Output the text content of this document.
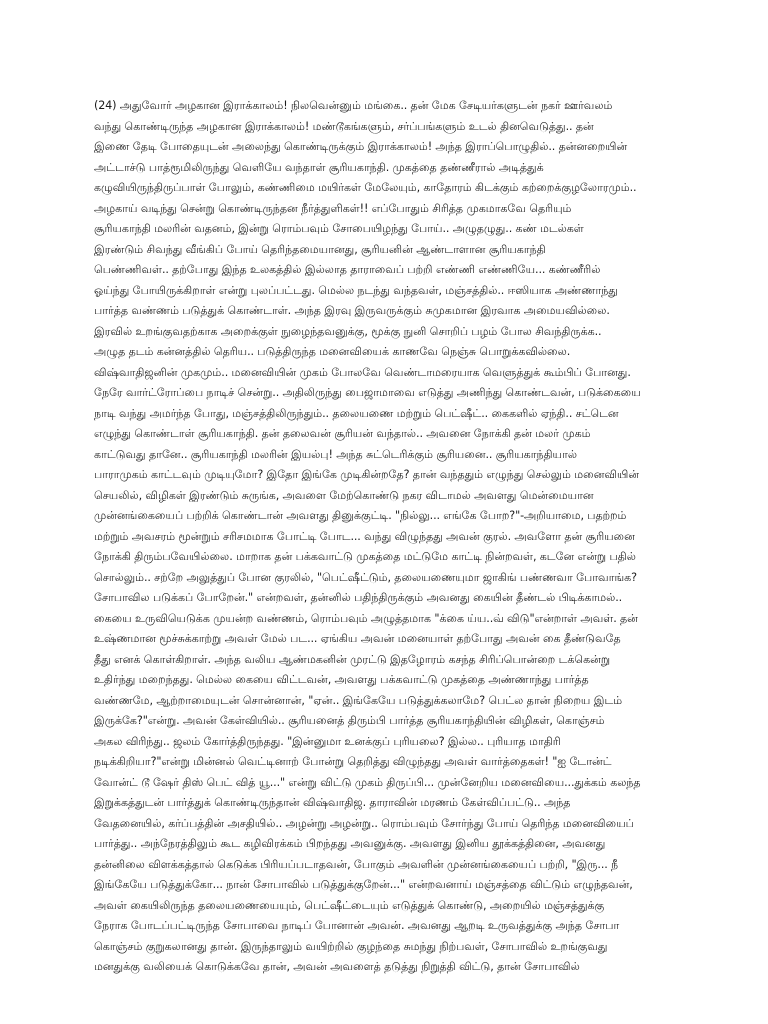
(24) அதுவோர் அழகான இராக்காலம்! நிலவென்னும் மங்கை.. தன் மேக சேடியர்களுடன் நகர் ஊர்வலம்
வந்து கொண்டிருந்த அழகான இராக்காலம்! மண்டூகங்களும், சர்ப்பங்களும் உடல் தினவெடுத்து.. தன்
இணை தேடி போதையுடன் அலைந்து கொண்டிருக்கும் இராக்காலம்! அந்த இராப்பொழுதில்.. தன்னறையின்
அட்டாச்டு பாத்ரூமிலிருந்து வெளியே வந்தாள் சூரியகாந்தி. முகத்தை தண்ணீரால் அடித்துக்
கழுவியிருந்திருப்பாள் போலும், கண்ணிமை மயிர்கள் மேலேயும், காதோரம் கிடக்கும் கற்றைக்குழலோரமும்..
அழகாய் வடிந்து சென்று கொண்டிருந்தன நீர்த்துளிகள்!! எப்போதும் சிரித்த முகமாகவே தெரியும்
சூரியகாந்தி மலரின் வதனம், இன்று ரொம்பவும் சோபையிழந்து போய்.. அழுதழுது.. கண் மடல்கள்
இரண்டும் சிவந்து வீங்கிப் போய் தெரிந்தமையானது, சூரியனின் ஆண்டாளான சூரியகாந்தி
பெண்ணிவள்.. தற்போது இந்த உலகத்தில் இல்லாத தாராவைப் பற்றி எண்ணி எண்ணியே... கண்ணீரில்
ஓய்ந்து போயிருக்கிறாள் என்று புலப்பட்டது. மெல்ல நடந்து வந்தவள், மஞ்சத்தில்.. ஈஸியாக அண்ணாந்து
பார்த்த வண்ணம் படுத்துக் கொண்டாள். அந்த இரவு இருவருக்கும் சுமுகமான இரவாக அமையவில்லை.
இரவில் உறங்குவதற்காக அறைக்குள் நுழைந்தவனுக்கு, மூக்கு நுனி சொறிப் பழம் போல சிவந்திருக்க..
அழுத தடம் கன்னத்தில் தெரிய.. படுத்திருந்த மனைவியைக் காணவே நெஞ்சு பொறுக்கவில்லை.
விஷ்வாதிஜனின் முகமும்.. மனைவியின் முகம் போலவே வெண்டாமரையாக வெளுத்துக் கூம்பிப் போனது.
நேரே வார்ட்ரோப்பை நாடிச் சென்று.. அதிலிருந்து பைஜாமாவை எடுத்து அணிந்து கொண்டவன், படுக்கையை
நாடி வந்து அமர்ந்த போது, மஞ்சத்திலிருந்தும்.. தலையணை மற்றும் பெட்ஷீட்.. கைகளில் ஏந்தி.. சட்டென
எழுந்து கொண்டாள் சூரியகாந்தி. தன் தலைவன் சூரியன் வந்தால்.. அவனை நோக்கி தன் மலர் முகம்
காட்டுவது தானே.. சூரியகாந்தி மலரின் இயல்பு! அந்த சுட்டெரிக்கும் சூரியனை.. சூரியகாந்தியால்
பாராமுகம் காட்டவும் முடியுமோ? இதோ இங்கே முடிகின்றதே? தான் வந்ததும் எழுந்து செல்லும் மனைவியின்
செயலில், விழிகள் இரண்டும் சுருங்க, அவளை மேற்கொண்டு நகர விடாமல் அவளது மென்மையான
முன்னங்கையைப் பற்றிக் கொண்டான் அவளது தினுக்குட்டி. "நில்லு... எங்கே போற?"-அறியாமை, பதற்றம்
மற்றும் அவசரம் மூன்றும் சரிசமமாக போட்டி போட... வந்து விழுந்தது அவன் குரல். அவளோ தன் சூரியனை
நோக்கி திரும்பவேயில்லை. மாறாக தன் பக்கவாட்டு முகத்தை மட்டுமே காட்டி நின்றவள், கடனே என்று பதில்
சொல்லும்.. சற்றே அலுத்துப் போன குரலில், "பெட்ஷீட்டும், தலையணையுமா ஜாகிங் பண்ணவா போவாங்க?
சோபாவில படுக்கப் போறேன்." என்றவள், தன்னில் பதிந்திருக்கும் அவனது கையின் தீண்டல் பிடிக்காமல்..
கையை உருவியெடுக்க முயன்ற வண்ணம், ரொம்பவும் அழுத்தமாக "க்கை ய்ய..வ் விடு"என்றாள் அவள். தன்
உஷ்ணமான மூச்சுக்காற்று அவள் மேல் பட... ஏங்கிய அவன் மனையாள் தற்போது அவன் கை தீண்டுவதே
தீது எனக் கொள்கிறாள். அந்த வலிய ஆண்மகனின் முரட்டு இதழோரம் கசந்த சிரிப்பொன்றை டக்கென்று
உதிர்ந்து மறைந்தது. மெல்ல கையை விட்டவன், அவளது பக்கவாட்டு முகத்தை அண்ணாந்து பார்த்த
வண்ணமே, ஆற்றாமையுடன் சொன்னான், "ஏன்.. இங்கேயே படுத்துக்கலாமே? பெட்ல தான் நிறைய இடம்
இருக்கே?"என்று. அவன் கேள்வியில்.. சூரியனைத் திரும்பி பார்த்த சூரியகாந்தியின் விழிகள், கொஞ்சம்
அகல விரிந்து.. ஜலம் கோர்த்திருந்தது. "இன்னுமா உனக்குப் புரியலை? இல்ல.. புரியாத மாதிரி
நடிக்கிறியா?"என்று மின்னல் வெட்டினாற் போன்று தெறித்து விழுந்தது அவள் வார்த்தைகள்! "ஐ டோன்ட்
வோன்ட் டூ ஷேர் திஸ் பெட் வித் யூ..." என்று விட்டு முகம் திருப்பி... முன்னேறிய மனைவியை...துக்கம் கலந்த
இறுக்கத்துடன் பார்த்துக் கொண்டிருந்தான் விஷ்வாதிஜ. தாராவின் மரணம் கேள்விப்பட்டு.. அந்த
வேதனையில், கர்ப்பத்தின் அசதியில்.. அழன்று அழன்று.. ரொம்பவும் சோர்ந்து போய் தெரிந்த மனைவியைப்
பார்த்து.. அந்நேரத்திலும் கூட கழிவிரக்கம் பிறந்தது அவனுக்கு. அவளது இனிய தூக்கத்தினை, அவனது
தன்னிலை விளக்கத்தால் கெடுக்க பிரியப்படாதவன், போகும் அவளின் முன்னங்கையைப் பற்றி, "இரு... நீ
இங்கேயே படுத்துக்கோ... நான் சோபாவில் படுத்துக்குறேன்..." என்றவனாய் மஞ்சத்தை விட்டும் எழுந்தவன்,
அவள் கையிலிருந்த தலையணையையும், பெட்ஷீட்டையும் எடுத்துக் கொண்டு, அறையில் மஞ்சத்துக்கு
நேராக போடப்பட்டிருந்த சோபாவை நாடிப் போனான் அவன். அவனது ஆறடி உருவத்துக்கு அந்த சோபா
கொஞ்சம் குறுகலானது தான். இருந்தாலும் வயிற்றில் குழந்தை சுமந்து நிற்பவள், சோபாவில் உறங்குவது
மனதுக்கு வலியைக் கொடுக்கவே தான், அவன் அவளைத் தடுத்து நிறுத்தி விட்டு, தான் சோபாவில்
